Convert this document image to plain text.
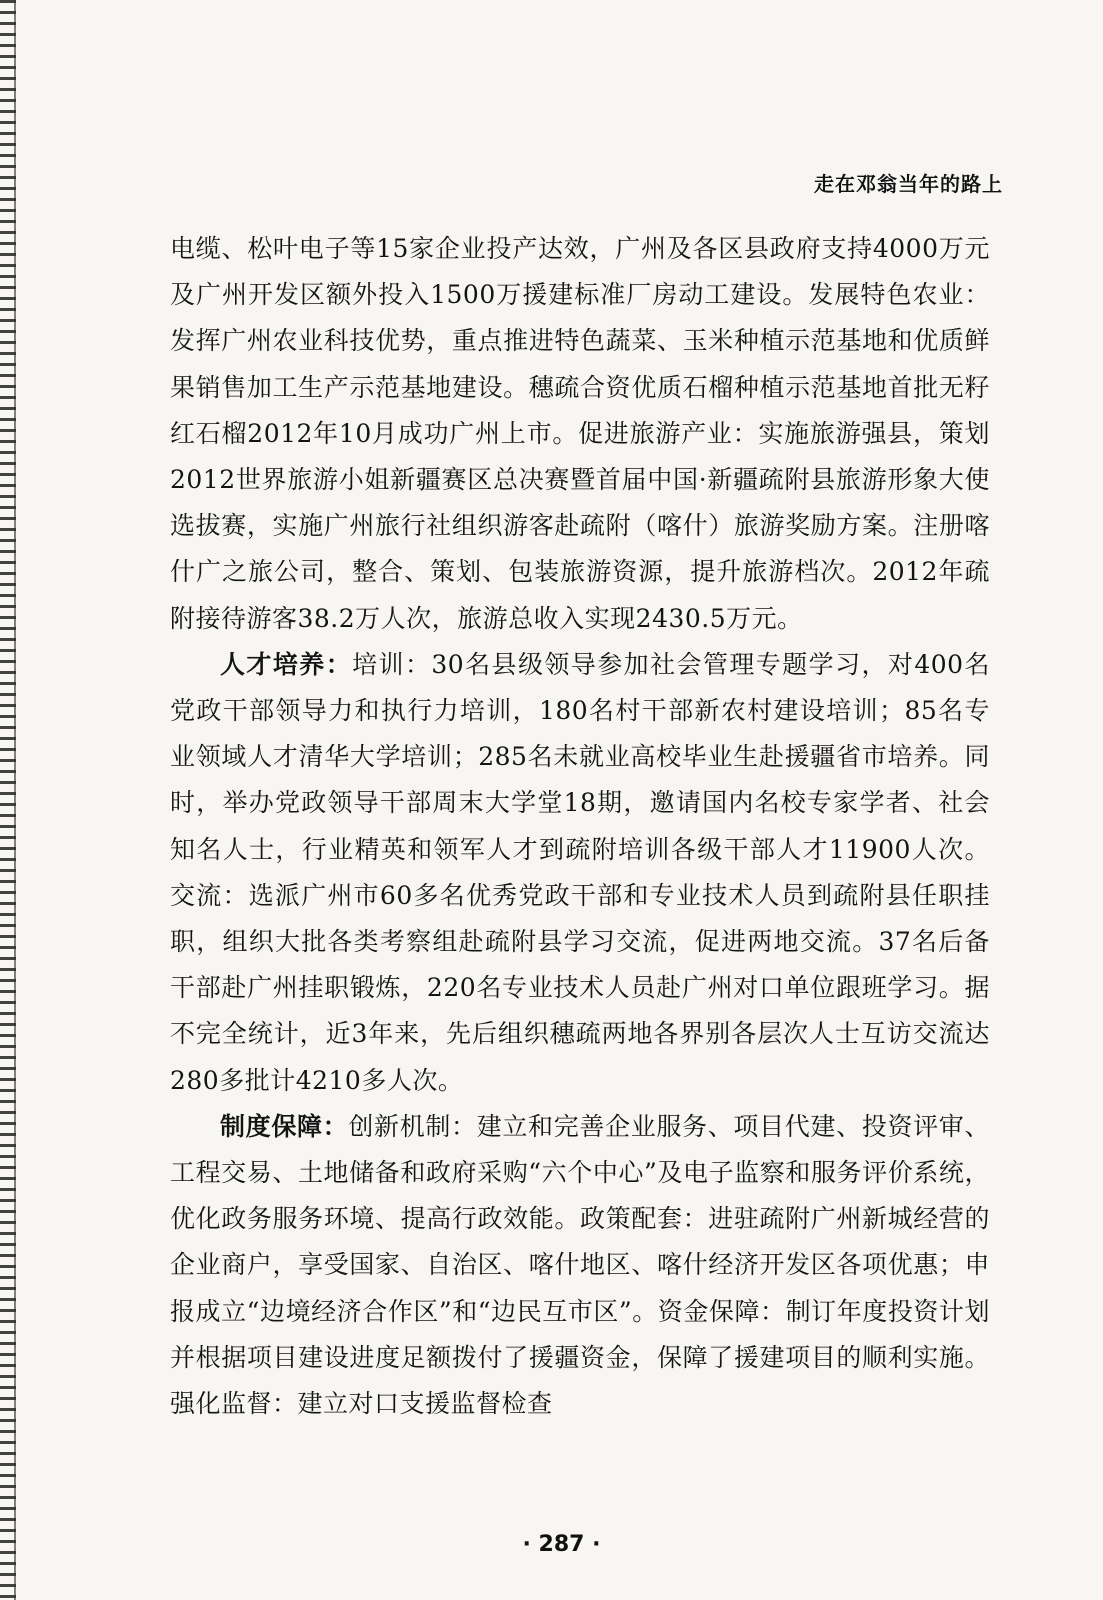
走在邓翁当年的路上

电缆、松叶电子等15家企业投产达效，广州及各区县政府支持4000万元及广州开发区额外投入1500万援建标准厂房动工建设。发展特色农业：发挥广州农业科技优势，重点推进特色蔬菜、玉米种植示范基地和优质鲜果销售加工生产示范基地建设。穗疏合资优质石榴种植示范基地首批无籽红石榴2012年10月成功广州上市。促进旅游产业：实施旅游强县，策划2012世界旅游小姐新疆赛区总决赛暨首届中国·新疆疏附县旅游形象大使选拔赛，实施广州旅行社组织游客赴疏附（喀什）旅游奖励方案。注册喀什广之旅公司，整合、策划、包装旅游资源，提升旅游档次。2012年疏附接待游客38.2万人次，旅游总收入实现2430.5万元。

人才培养：培训：30名县级领导参加社会管理专题学习，对400名党政干部领导力和执行力培训，180名村干部新农村建设培训；85名专业领域人才清华大学培训；285名未就业高校毕业生赴援疆省市培养。同时，举办党政领导干部周末大学堂18期，邀请国内名校专家学者、社会知名人士，行业精英和领军人才到疏附培训各级干部人才11900人次。交流：选派广州市60多名优秀党政干部和专业技术人员到疏附县任职挂职，组织大批各类考察组赴疏附县学习交流，促进两地交流。37名后备干部赴广州挂职锻炼，220名专业技术人员赴广州对口单位跟班学习。据不完全统计，近3年来，先后组织穗疏两地各界别各层次人士互访交流达280多批计4210多人次。

制度保障：创新机制：建立和完善企业服务、项目代建、投资评审、工程交易、土地储备和政府采购“六个中心”及电子监察和服务评价系统，优化政务服务环境、提高行政效能。政策配套：进驻疏附广州新城经营的企业商户，享受国家、自治区、喀什地区、喀什经济开发区各项优惠；申报成立“边境经济合作区”和“边民互市区”。资金保障：制订年度投资计划并根据项目建设进度足额拨付了援疆资金，保障了援建项目的顺利实施。强化监督：建立对口支援监督检查

· 287 ·
